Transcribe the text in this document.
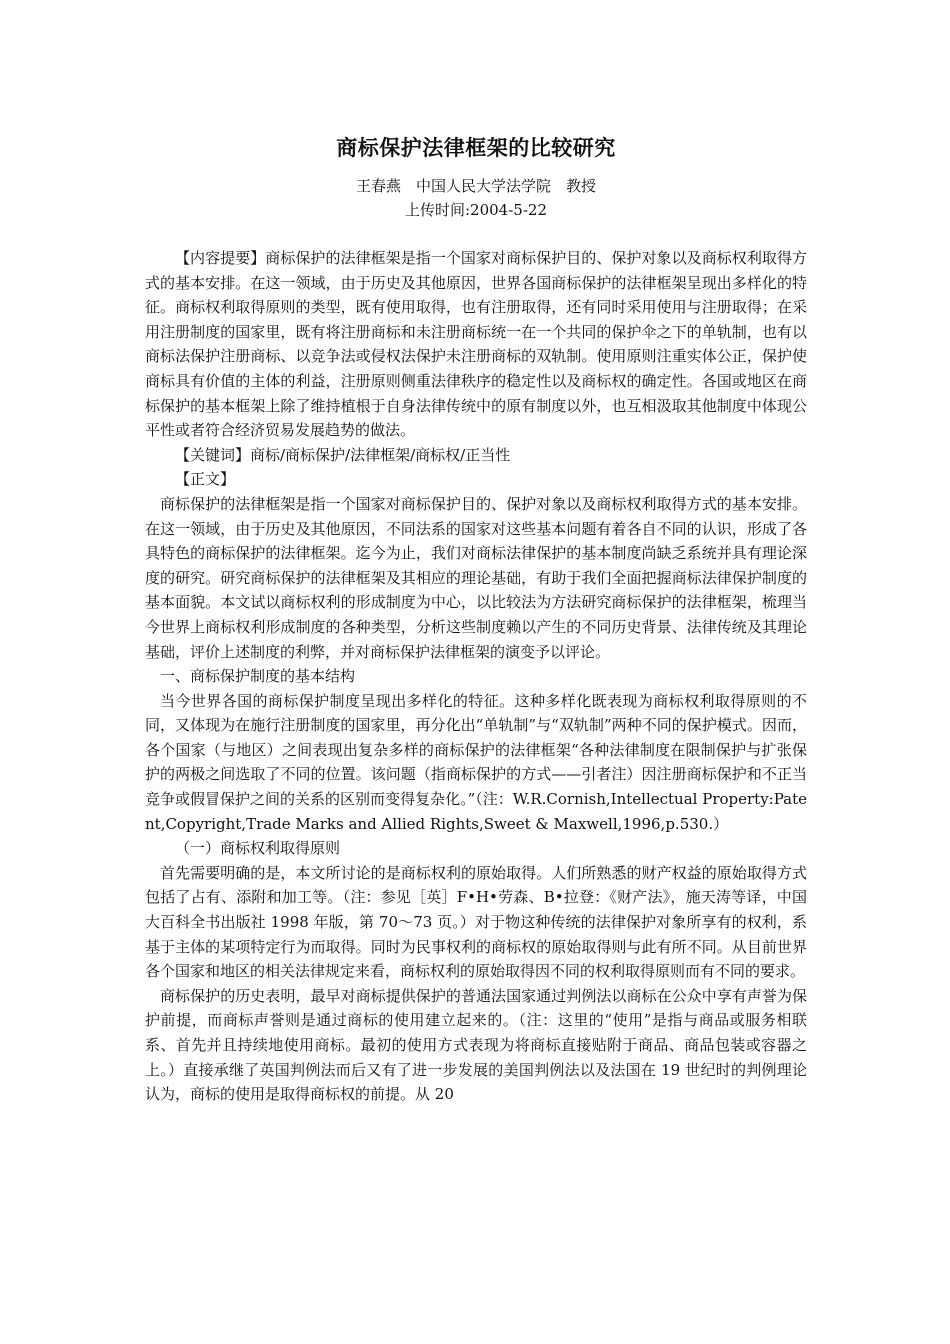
商标保护法律框架的比较研究

王春燕　中国人民大学法学院　教授

上传时间:2004-5-22

【内容提要】商标保护的法律框架是指一个国家对商标保护目的、保护对象以及商标权利取得方式的基本安排。在这一领域，由于历史及其他原因，世界各国商标保护的法律框架呈现出多样化的特征。商标权利取得原则的类型，既有使用取得，也有注册取得，还有同时采用使用与注册取得；在采用注册制度的国家里，既有将注册商标和未注册商标统一在一个共同的保护伞之下的单轨制，也有以商标法保护注册商标、以竞争法或侵权法保护未注册商标的双轨制。使用原则注重实体公正，保护使商标具有价值的主体的利益，注册原则侧重法律秩序的稳定性以及商标权的确定性。各国或地区在商标保护的基本框架上除了维持植根于自身法律传统中的原有制度以外，也互相汲取其他制度中体现公平性或者符合经济贸易发展趋势的做法。

【关键词】商标/商标保护/法律框架/商标权/正当性

【正文】

商标保护的法律框架是指一个国家对商标保护目的、保护对象以及商标权利取得方式的基本安排。在这一领域，由于历史及其他原因，不同法系的国家对这些基本问题有着各自不同的认识，形成了各具特色的商标保护的法律框架。迄今为止，我们对商标法律保护的基本制度尚缺乏系统并具有理论深度的研究。研究商标保护的法律框架及其相应的理论基础，有助于我们全面把握商标法律保护制度的基本面貌。本文试以商标权利的形成制度为中心，以比较法为方法研究商标保护的法律框架，梳理当今世界上商标权利形成制度的各种类型，分析这些制度赖以产生的不同历史背景、法律传统及其理论基础，评价上述制度的利弊，并对商标保护法律框架的演变予以评论。

一、商标保护制度的基本结构

当今世界各国的商标保护制度呈现出多样化的特征。这种多样化既表现为商标权利取得原则的不同，又体现为在施行注册制度的国家里，再分化出“单轨制”与“双轨制”两种不同的保护模式。因而，各个国家（与地区）之间表现出复杂多样的商标保护的法律框架“各种法律制度在限制保护与扩张保护的两极之间选取了不同的位置。该问题（指商标保护的方式——引者注）因注册商标保护和不正当竞争或假冒保护之间的关系的区别而变得复杂化。”（注：W.R.Cornish,Intellectual Property:Patent,Copyright,Trade Marks and Allied Rights,Sweet & Maxwell,1996,p.530.）

（一）商标权利取得原则

首先需要明确的是，本文所讨论的是商标权利的原始取得。人们所熟悉的财产权益的原始取得方式包括了占有、添附和加工等。（注：参见［英］F•H•劳森、B•拉登：《财产法》，施天涛等译，中国大百科全书出版社 1998 年版，第 70～73 页。）对于物这种传统的法律保护对象所享有的权利，系基于主体的某项特定行为而取得。同时为民事权利的商标权的原始取得则与此有所不同。从目前世界各个国家和地区的相关法律规定来看，商标权利的原始取得因不同的权利取得原则而有不同的要求。

商标保护的历史表明，最早对商标提供保护的普通法国家通过判例法以商标在公众中享有声誉为保护前提，而商标声誉则是通过商标的使用建立起来的。（注：这里的“使用”是指与商品或服务相联系、首先并且持续地使用商标。最初的使用方式表现为将商标直接贴附于商品、商品包装或容器之上。）直接承继了英国判例法而后又有了进一步发展的美国判例法以及法国在 19 世纪时的判例理论认为，商标的使用是取得商标权的前提。从 20
